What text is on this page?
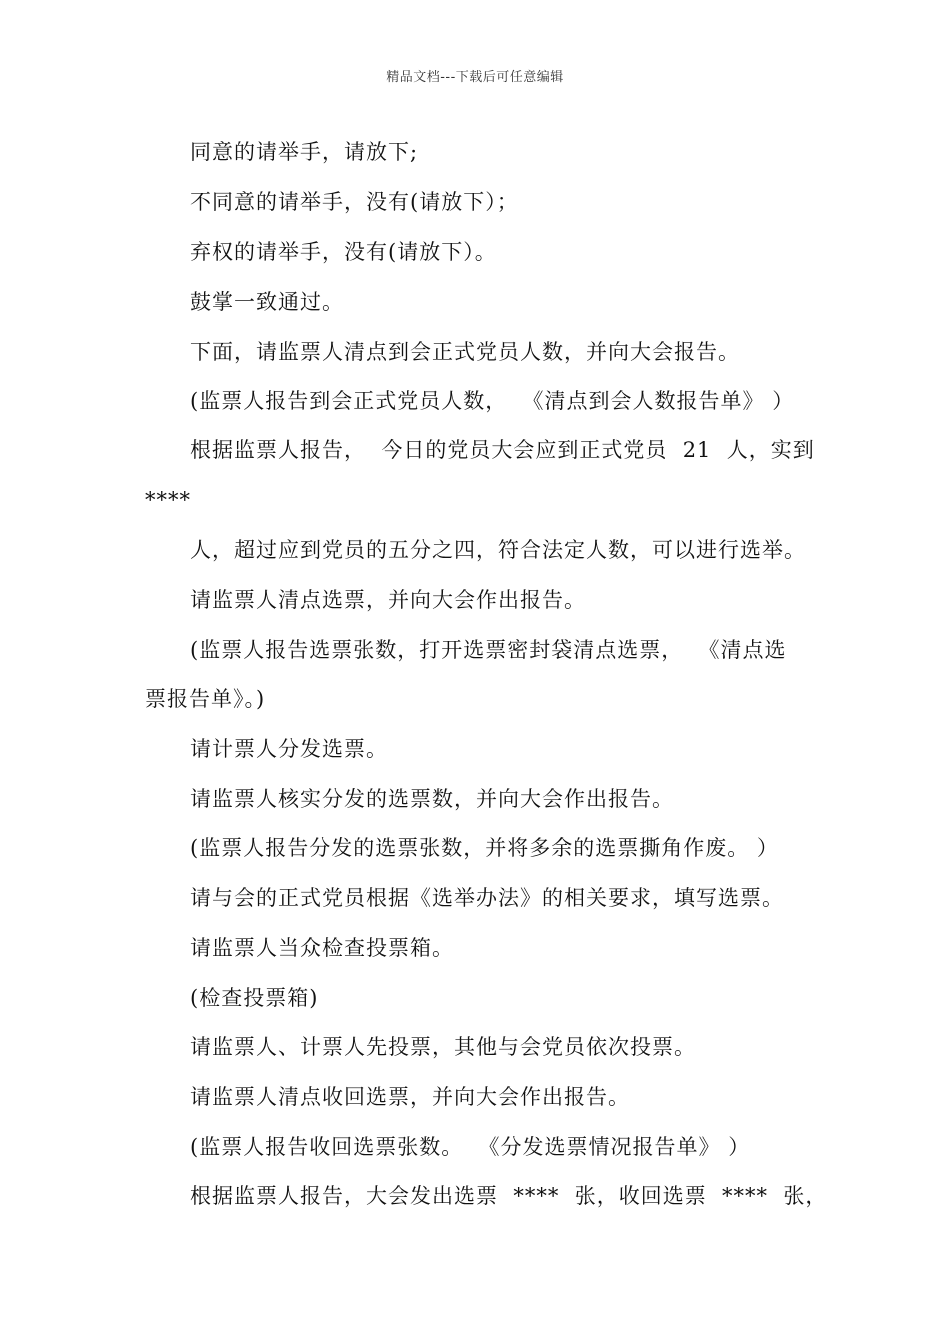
精品文档---下载后可任意编辑
同意的请举手，请放下;
不同意的请举手，没有(请放下）；
弃权的请举手，没有(请放下）。
鼓掌一致通过。
下面，请监票人清点到会正式党员人数，并向大会报告。
(监票人报告到会正式党员人数，  《清点到会人数报告单》 ）
根据监票人报告，  今日的党员大会应到正式党员  21  人，实到
****
人，超过应到党员的五分之四，符合法定人数，可以进行选举。
请监票人清点选票，并向大会作出报告。
(监票人报告选票张数，打开选票密封袋清点选票，  《清点选
票报告单》。)
请计票人分发选票。
请监票人核实分发的选票数，并向大会作出报告。
(监票人报告分发的选票张数，并将多余的选票撕角作废。 ）
请与会的正式党员根据《选举办法》的相关要求，填写选票。
请监票人当众检查投票箱。
(检查投票箱)
请监票人、计票人先投票，其他与会党员依次投票。
请监票人清点收回选票，并向大会作出报告。
(监票人报告收回选票张数。  《分发选票情况报告单》 ）
根据监票人报告，大会发出选票  ****  张，收回选票  ****  张，
